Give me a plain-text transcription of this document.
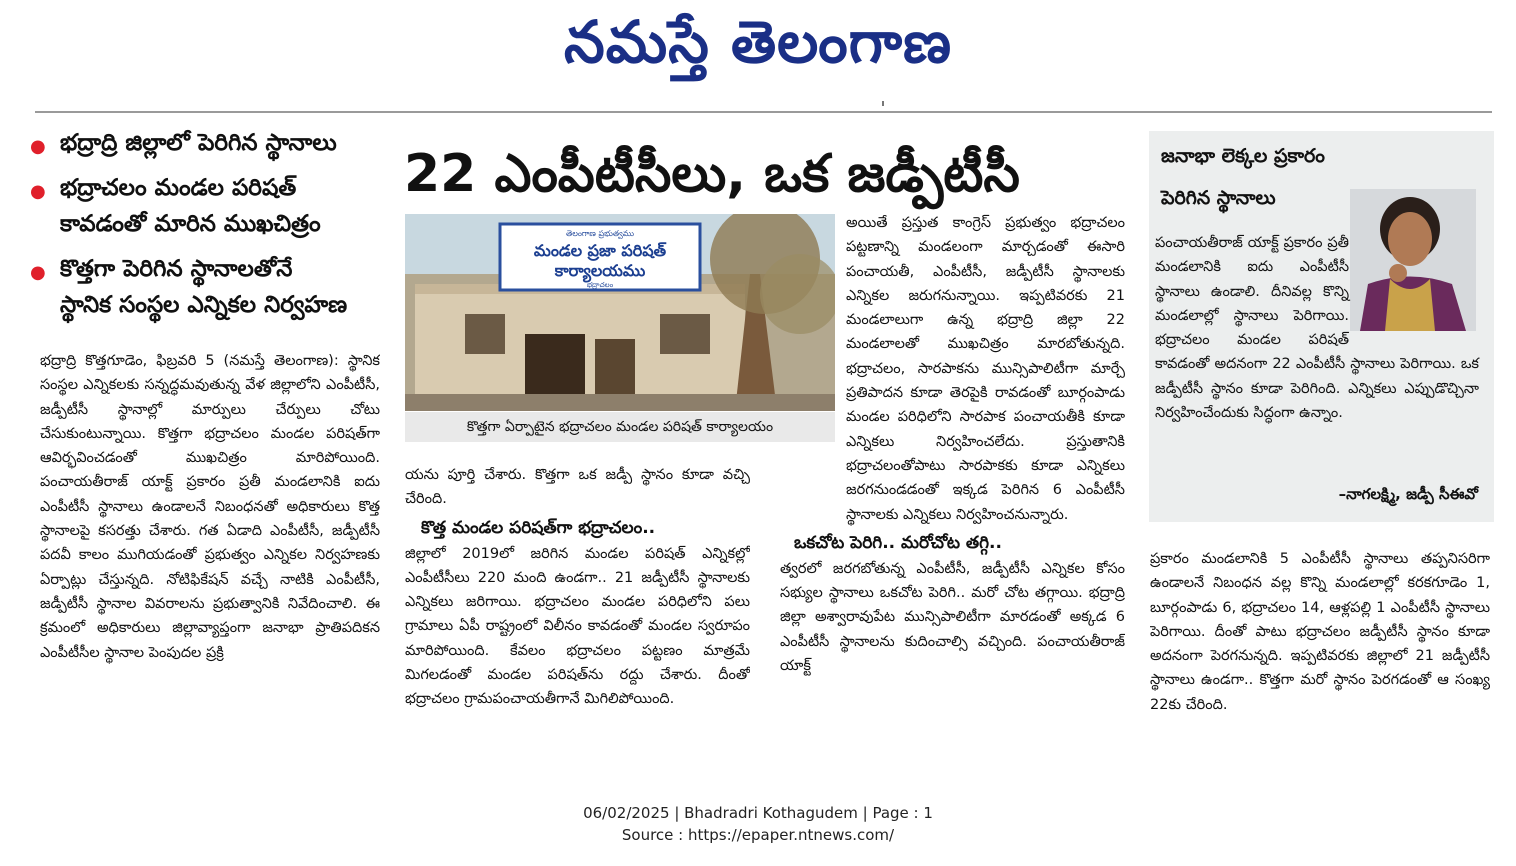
నమస్తే తెలంగాణ
● భద్రాద్రి జిల్లాలో పెరిగిన స్థానాలు
● భద్రాచలం మండల పరిషత్
కావడంతో మారిన ముఖచిత్రం
● కొత్తగా పెరిగిన స్థానాలతోనే
స్థానిక సంస్థల ఎన్నికల నిర్వహణ
22 ఎంపీటీసీలు, ఒక జడ్పీటీసీ
తెలంగాణ ప్రభుత్వము
మండల ప్రజా పరిషత్
కార్యాలయము
భద్రాచలం
కొత్తగా ఏర్పాటైన భద్రాచలం మండల పరిషత్ కార్యాలయం

భద్రాద్రి కొత్తగూడెం, ఫిబ్రవరి 5 (నమస్తే తెలంగాణ): స్థానిక సంస్థల ఎన్నికలకు సన్నద్ధమవుతున్న వేళ జిల్లాలోని ఎంపీటీసీ, జడ్పీటీసీ స్థానాల్లో మార్పులు చేర్పులు చోటు చేసుకుంటున్నాయి. కొత్తగా భద్రాచలం మండల పరిషత్‌గా ఆవిర్భవించడంతో ముఖచిత్రం మారిపోయింది. పంచాయతీరాజ్ యాక్ట్ ప్రకారం ప్రతీ మండలానికి ఐదు ఎంపీటీసీ స్థానాలు ఉండాలనే నిబంధనతో అధికారులు కొత్త స్థానాలపై కసరత్తు చేశారు. గత ఏడాది ఎంపీటీసీ, జడ్పీటీసీ పదవీ కాలం ముగియడంతో ప్రభుత్వం ఎన్నికల నిర్వహణకు ఏర్పాట్లు చేస్తున్నది. నోటిఫికేషన్ వచ్చే నాటికి ఎంపీటీసీ, జడ్పీటీసీ స్థానాల వివరాలను ప్రభుత్వానికి నివేదించాలి. ఈ క్రమంలో అధికారులు జిల్లావ్యాప్తంగా జనాభా ప్రాతిపదికన ఎంపీటీసీల స్థానాల పెంపుదల ప్రక్రి

యను పూర్తి చేశారు. కొత్తగా ఒక జడ్పీ స్థానం కూడా వచ్చి చేరింది.

కొత్త మండల పరిషత్‌గా భద్రాచలం..

జిల్లాలో 2019లో జరిగిన మండల పరిషత్ ఎన్నికల్లో ఎంపీటీసీలు 220 మంది ఉండగా.. 21 జడ్పీటీసీ స్థానాలకు ఎన్నికలు జరిగాయి. భద్రాచలం మండల పరిధిలోని పలు గ్రామాలు ఏపీ రాష్ట్రంలో విలీనం కావడంతో మండల స్వరూపం మారిపోయింది. కేవలం భద్రాచలం పట్టణం మాత్రమే మిగలడంతో మండల పరిషత్‌ను రద్దు చేశారు. దీంతో భద్రాచలం గ్రామపంచాయతీగానే మిగిలిపోయింది.

అయితే ప్రస్తుత కాంగ్రెస్ ప్రభుత్వం భద్రాచలం పట్టణాన్ని మండలంగా మార్చడంతో ఈసారి పంచాయతీ, ఎంపీటీసీ, జడ్పీటీసీ స్థానాలకు ఎన్నికల జరుగనున్నాయి. ఇప్పటివరకు 21 మండలాలుగా ఉన్న భద్రాద్రి జిల్లా 22 మండలాలతో ముఖచిత్రం మారబోతున్నది. భద్రాచలం, సారపాకను మున్సిపాలిటీగా మార్చే ప్రతిపాదన కూడా తెరపైకి రావడంతో బూర్గంపాడు మండల పరిధిలోని సారపాక పంచాయతీకి కూడా ఎన్నికలు నిర్వహించలేదు. ప్రస్తుతానికి భద్రాచలంతోపాటు సారపాకకు కూడా ఎన్నికలు జరగనుండడంతో ఇక్కడ పెరిగిన 6 ఎంపీటీసీ స్థానాలకు ఎన్నికలు నిర్వహించనున్నారు.

ఒకచోట పెరిగి.. మరోచోట తగ్గి..

త్వరలో జరగబోతున్న ఎంపీటీసీ, జడ్పీటీసీ ఎన్నికల కోసం సభ్యుల స్థానాలు ఒకచోట పెరిగి.. మరో చోట తగ్గాయి. భద్రాద్రి జిల్లా అశ్వారావుపేట మున్సిపాలిటీగా మారడంతో అక్కడ 6 ఎంపీటీసీ స్థానాలను కుదించాల్సి వచ్చింది. పంచాయతీరాజ్ యాక్ట్

జనాభా లెక్కల ప్రకారం
పెరిగిన స్థానాలు

పంచాయతీరాజ్ యాక్ట్ ప్రకారం ప్రతీ మండలానికి ఐదు ఎంపీటీసీ స్థానాలు ఉండాలి. దీనివల్ల కొన్ని మండలాల్లో స్థానాలు పెరిగాయి. భద్రాచలం మండల పరిషత్ కావడంతో అదనంగా 22 ఎంపీటీసీ స్థానాలు పెరిగాయి. ఒక జడ్పీటీసీ స్థానం కూడా పెరిగింది. ఎన్నికలు ఎప్పుడొచ్చినా నిర్వహించేందుకు సిద్ధంగా ఉన్నాం.

–నాగలక్ష్మి, జడ్పీ సీఈవో

ప్రకారం మండలానికి 5 ఎంపీటీసీ స్థానాలు తప్పనిసరిగా ఉండాలనే నిబంధన వల్ల కొన్ని మండలాల్లో కరకగూడెం 1, బూర్గంపాడు 6, భద్రాచలం 14, ఆళ్లపల్లి 1 ఎంపీటీసీ స్థానాలు పెరిగాయి. దీంతో పాటు భద్రాచలం జడ్పీటీసీ స్థానం కూడా అదనంగా పెరగనున్నది. ఇప్పటివరకు జిల్లాలో 21 జడ్పీటీసీ స్థానాలు ఉండగా.. కొత్తగా మరో స్థానం పెరగడంతో ఆ సంఖ్య 22కు చేరింది.

06/02/2025 | Bhadradri Kothagudem | Page : 1
Source : https://epaper.ntnews.com/
